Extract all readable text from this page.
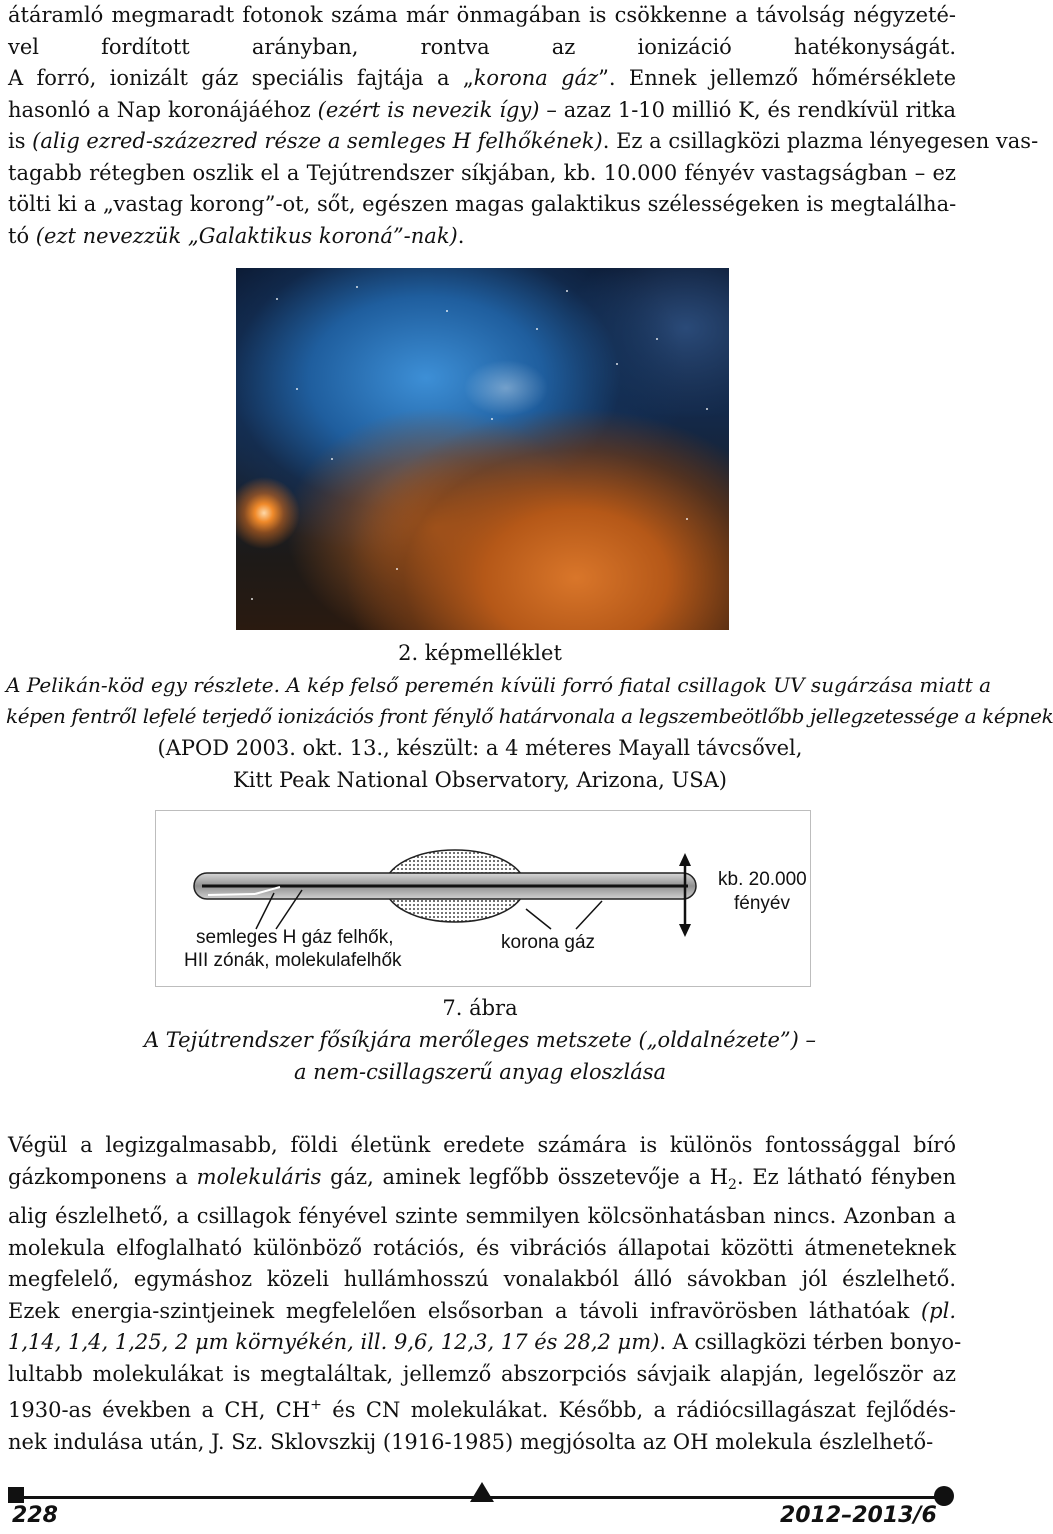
átáramló megmaradt fotonok száma már önmagában is csökkenne a távolság négyzeté-
vel fordított arányban, rontva az ionizáció hatékonyságát.
A forró, ionizált gáz speciális fajtája a „korona gáz”. Ennek jellemző hőmérséklete
hasonló a Nap koronájáéhoz (ezért is nevezik így) – azaz 1-10 millió K, és rendkívül ritka
is (alig ezred-százezred része a semleges H felhőkének). Ez a csillagközi plazma lényegesen vas-
tagabb rétegben oszlik el a Tejútrendszer síkjában, kb. 10.000 fényév vastagságban – ez
tölti ki a „vastag korong”-ot, sőt, egészen magas galaktikus szélességeken is megtalálha-
tó (ezt nevezzük „Galaktikus koroná”-nak).

2. képmelléklet

A Pelikán-köd egy részlete. A kép felső peremén kívüli forró fiatal csillagok UV sugárzása miatt a

képen fentről lefelé terjedő ionizációs front fénylő határvonala a legszembeötlőbb jellegzetessége a képnek

(APOD 2003. okt. 13., készült: a 4 méteres Mayall távcsővel,

Kitt Peak National Observatory, Arizona, USA)

kb. 20.000
fényév
semleges H gáz felhők,
HII zónák, molekulafelhők
korona gáz

7. ábra

A Tejútrendszer fősíkjára merőleges metszete („oldalnézete”) –

a nem-csillagszerű anyag eloszlása

Végül a legizgalmasabb, földi életünk eredete számára is különös fontossággal bíró
gázkomponens a molekuláris gáz, aminek legfőbb összetevője a $H_2$. Ez látható fényben
alig észlelhető, a csillagok fényével szinte semmilyen kölcsönhatásban nincs. Azonban a
molekula elfoglalható különböző rotációs, és vibrációs állapotai közötti átmeneteknek
megfelelő, egymáshoz közeli hullámhosszú vonalakból álló sávokban jól észlelhető.
Ezek energia-szintjeinek megfelelően elsősorban a távoli infravörösben láthatóak (pl.
1,14, 1,4, 1,25, 2 μm környékén, ill. 9,6, 12,3, 17 és 28,2 μm). A csillagközi térben bonyo-
lultabb molekulákat is megtaláltak, jellemző abszorpciós sávjaik alapján, legelőször az
1930-as években a CH, CH+ és CN molekulákat. Később, a rádiócsillagászat fejlődés-
nek indulása után, J. Sz. Sklovszkij (1916-1985) megjósolta az OH molekula észlelhető-
228	2012–2013/6
